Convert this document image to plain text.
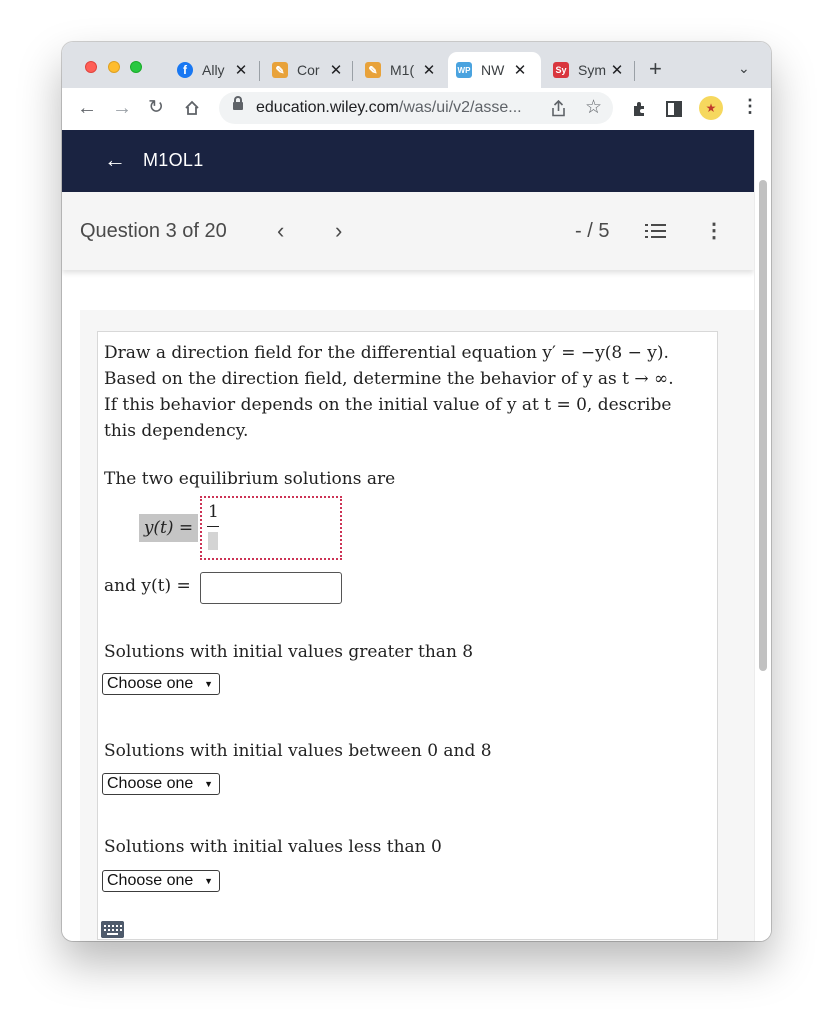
f	Ally ✕	✎ Cor ✕	✎ M1( ✕	WP NW ✕	Sy Sym ✕ +	⌄
← → ↻	education.wiley.com/was/ui/v2/asse...	☆	★	⋮
← M1OL1
Question 3 of 20 ‹ ›	- / 5	⋮
Draw a direction field for the differential equation y′ = −y(8 − y).
Based on the direction field, determine the behavior of y as t → ∞.
If this behavior depends on the initial value of y at t = 0, describe
this dependency.
The two equilibrium solutions are
y(t) =
1
and y(t) =
Solutions with initial values greater than 8
Choose one ▼
Solutions with initial values between 0 and 8
Choose one ▼
Solutions with initial values less than 0
Choose one ▼
